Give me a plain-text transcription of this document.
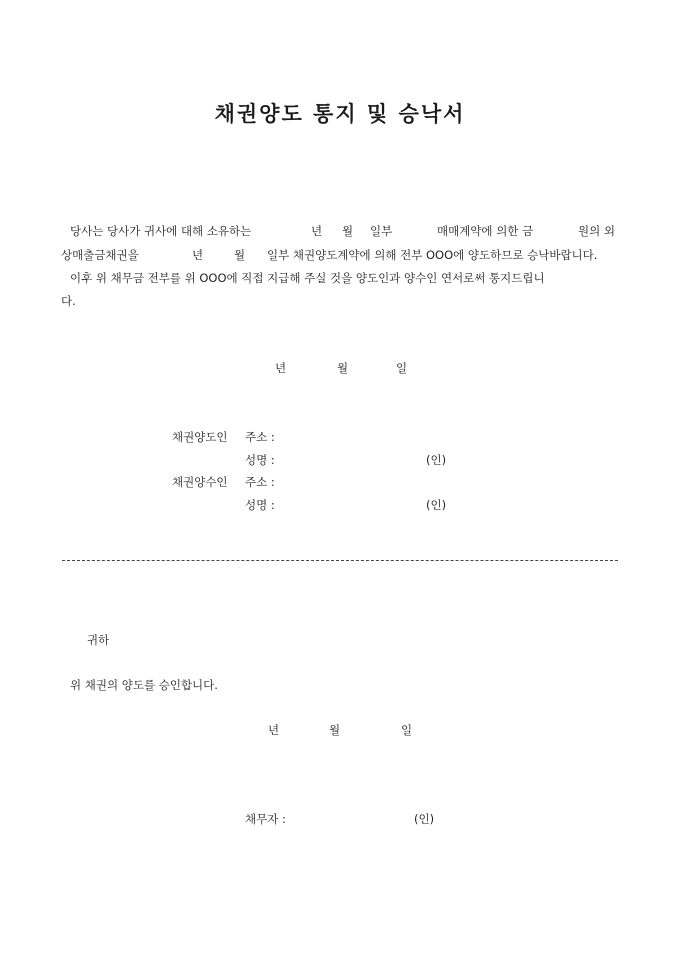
채권양도 통지 및 승낙서
당사는 당사가 귀사에 대해 소유하는	년 월 일부	매매계약에 의한 금	원의 외
상매출금채권을	년	월 일부 채권양도계약에 의해 전부 OOO에 양도하므로 승낙바랍니다.
이후 위 채무금 전부를 위 OOO에 직접 지급해 주실 것을 양도인과 양수인 연서로써 통지드립니
다.
년	월	일
채권양도인 주소 :
성명 :	(인)
채권양수인 주소 :
성명 :	(인)
귀하
위 채권의 양도를 승인합니다.
년	월	일
채무자 :	(인)
